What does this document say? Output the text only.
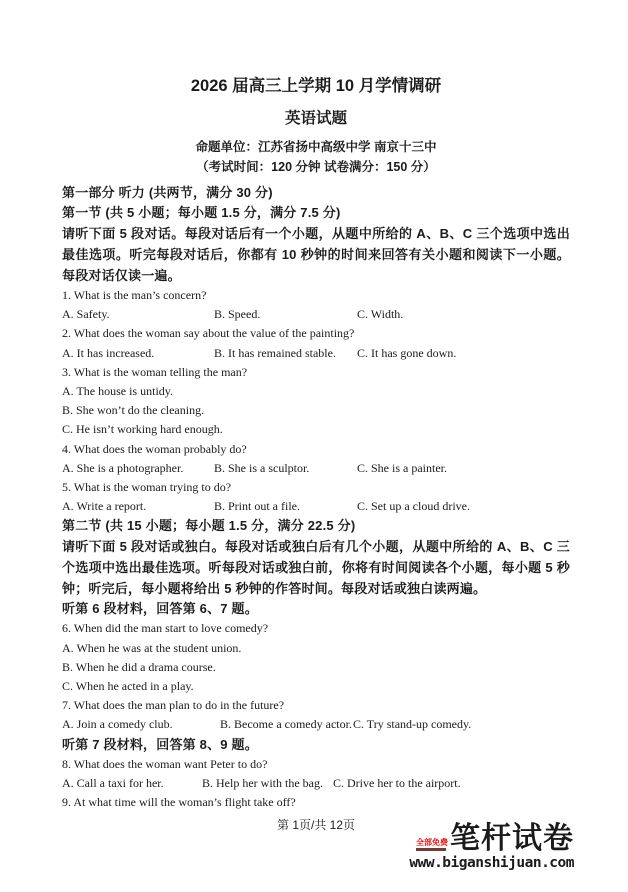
2026 届高三上学期 10 月学情调研
英语试题
命题单位：江苏省扬中高级中学 南京十三中
（考试时间：120 分钟 试卷满分：150 分）
第一部分 听力 (共两节，满分 30 分)
第一节 (共 5 小题；每小题 1.5 分，满分 7.5 分)
请听下面 5 段对话。每段对话后有一个小题，从题中所给的 A、B、C 三个选项中选出最佳选项。听完每段对话后，你都有 10 秒钟的时间来回答有关小题和阅读下一小题。每段对话仅读一遍。
1. What is the man’s concern?
A. Safety.	B. Speed.	C. Width.
2. What does the woman say about the value of the painting?
A. It has increased.	B. It has remained stable.	C. It has gone down.
3. What is the woman telling the man?
A. The house is untidy.
B. She won’t do the cleaning.
C. He isn’t working hard enough.
4. What does the woman probably do?
A. She is a photographer.	B. She is a sculptor.	C. She is a painter.
5. What is the woman trying to do?
A. Write a report.	B. Print out a file.	C. Set up a cloud drive.
第二节 (共 15 小题；每小题 1.5 分，满分 22.5 分)
请听下面 5 段对话或独白。每段对话或独白后有几个小题，从题中所给的 A、B、C 三个选项中选出最佳选项。听每段对话或独白前，你将有时间阅读各个小题，每小题 5 秒钟；听完后，每小题将给出 5 秒钟的作答时间。每段对话或独白读两遍。
听第 6 段材料，回答第 6、7 题。
6. When did the man start to love comedy?
A. When he was at the student union.
B. When he did a drama course.
C. When he acted in a play.
7. What does the man plan to do in the future?
A. Join a comedy club.	B. Become a comedy actor. C. Try stand-up comedy.
听第 7 段材料，回答第 8、9 题。
8. What does the woman want Peter to do?
A. Call a taxi for her.	B. Help her with the bag. C. Drive her to the airport.
9. At what time will the woman’s flight take off?
第 1页/共 12页
全部免费 笔杆试卷
www.biganshijuan.com
